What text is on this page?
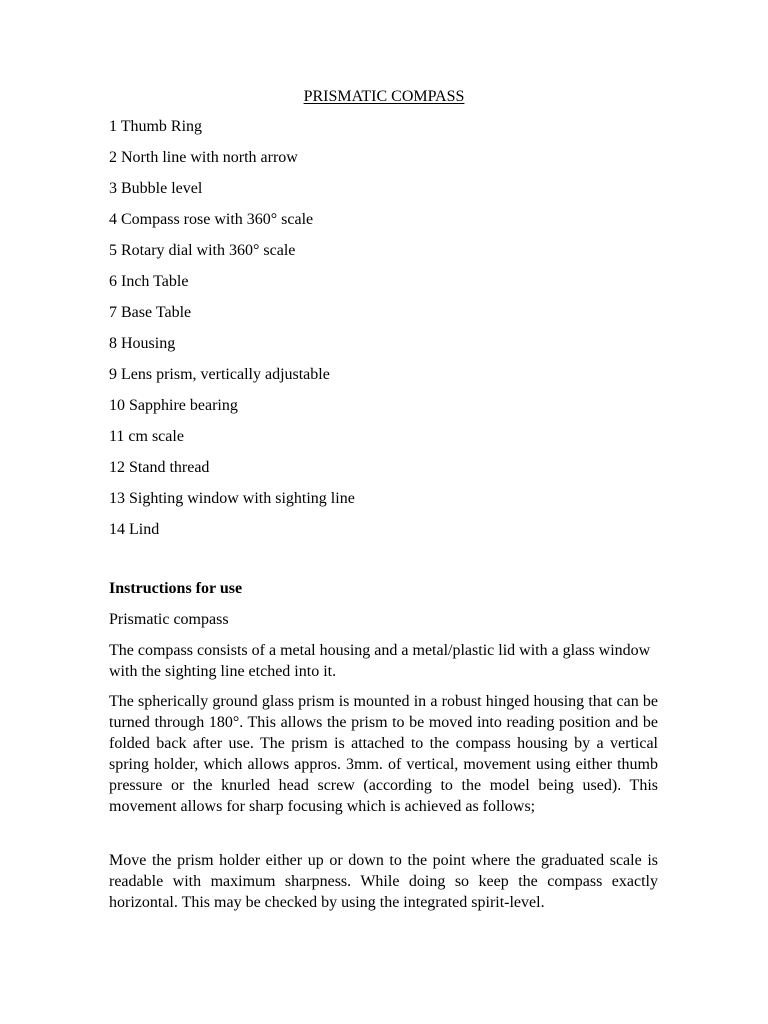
PRISMATIC COMPASS
1 Thumb Ring
2 North line with north arrow
3 Bubble level
4 Compass rose with 360° scale
5 Rotary dial with 360° scale
6 Inch Table
7 Base Table
8 Housing
9 Lens prism, vertically adjustable
10 Sapphire bearing
11 cm scale
12 Stand thread
13 Sighting window with sighting line
14 Lind

Instructions for use

Prismatic compass

The compass consists of a metal housing and a metal/plastic lid with a glass window with the sighting line etched into it.

The spherically ground glass prism is mounted in a robust hinged housing that can be turned through 180°. This allows the prism to be moved into reading position and be folded back after use. The prism is attached to the compass housing by a vertical spring holder, which allows appros. 3mm. of vertical, movement using either thumb pressure or the knurled head screw (according to the model being used). This movement allows for sharp focusing which is achieved as follows;

Move the prism holder either up or down to the point where the graduated scale is readable with maximum sharpness. While doing so keep the compass exactly horizontal. This may be checked by using the integrated spirit-level.
